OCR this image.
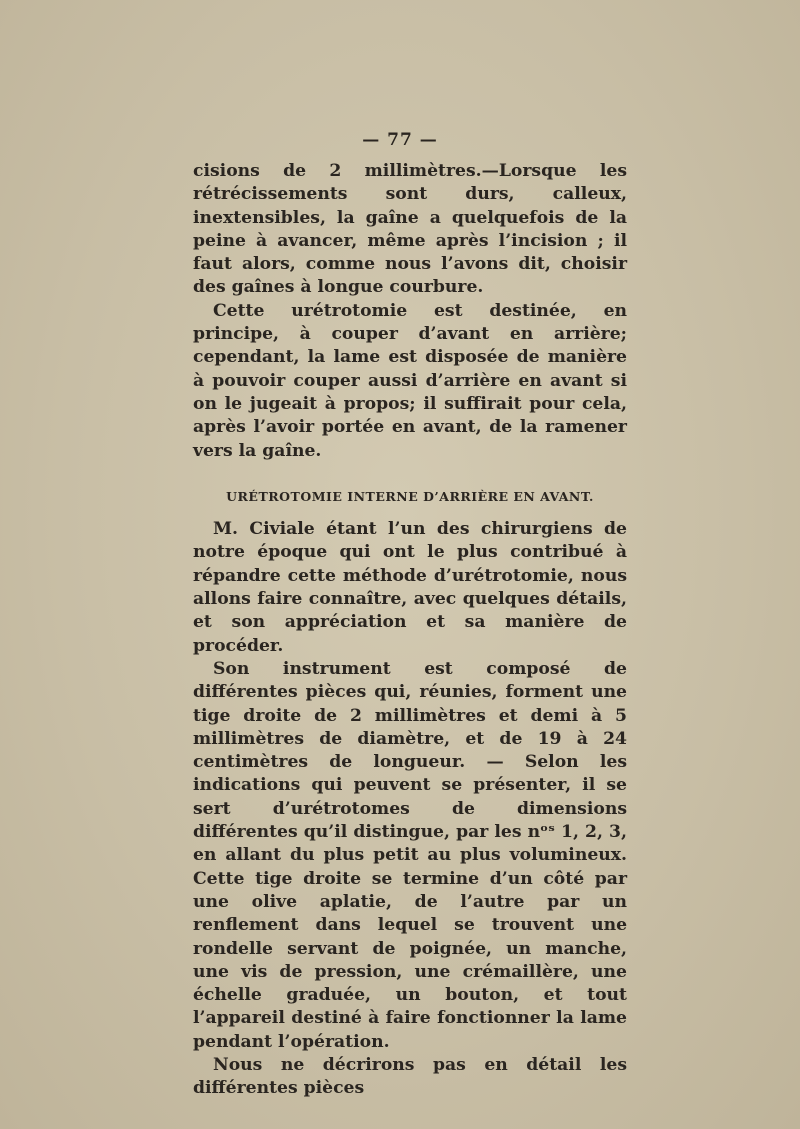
— 77 —

cisions de 2 millimètres.—Lorsque les rétrécissements sont durs, calleux, inextensibles, la gaîne a quelquefois de la peine à avancer, même après l’incision ; il faut alors, comme nous l’avons dit, choisir des gaînes à longue courbure.

Cette urétrotomie est destinée, en principe, à couper d’avant en arrière; cependant, la lame est disposée de manière à pouvoir couper aussi d’arrière en avant si on le jugeait à propos; il suffirait pour cela, après l’avoir portée en avant, de la ramener vers la gaîne.

URÉTROTOMIE INTERNE D’ARRIÈRE EN AVANT.

M. Civiale étant l’un des chirurgiens de notre époque qui ont le plus contribué à répandre cette méthode d’urétrotomie, nous allons faire connaître, avec quelques détails, et son appréciation et sa manière de procéder.

Son instrument est composé de différentes pièces qui, réunies, forment une tige droite de 2 millimètres et demi à 5 millimètres de diamètre, et de 19 à 24 centimètres de longueur. — Selon les indications qui peuvent se présenter, il se sert d’urétrotomes de dimensions différentes qu’il distingue, par les nᵒˢ 1, 2, 3, en allant du plus petit au plus volumineux. Cette tige droite se termine d’un côté par une olive aplatie, de l’autre par un renflement dans lequel se trouvent une rondelle servant de poignée, un manche, une vis de pression, une crémaillère, une échelle graduée, un bouton, et tout l’appareil destiné à faire fonctionner la lame pendant l’opération.

Nous ne décrirons pas en détail les différentes pièces
